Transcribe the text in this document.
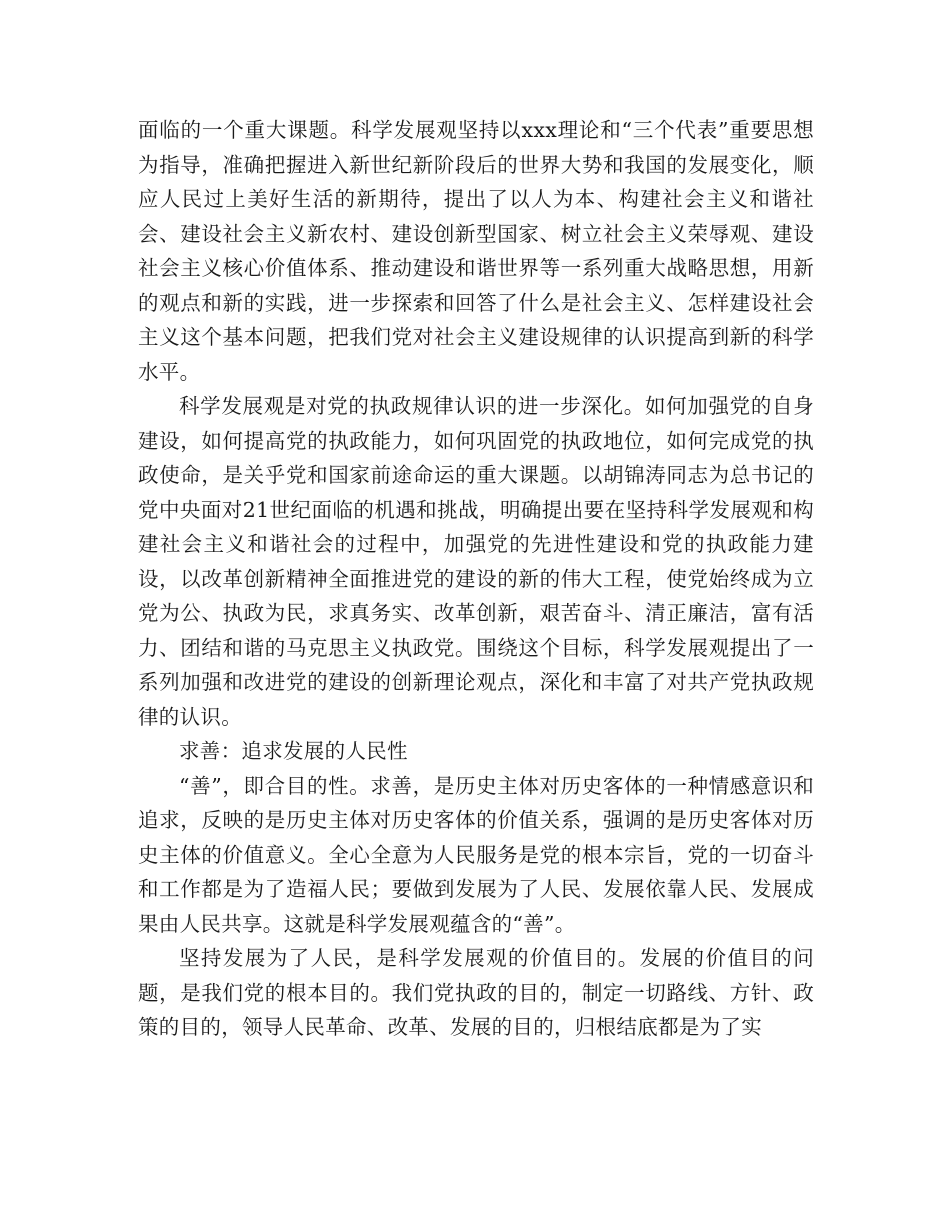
面临的一个重大课题。科学发展观坚持以xxx理论和“三个代表”重要思想为指导，准确把握进入新世纪新阶段后的世界大势和我国的发展变化，顺应人民过上美好生活的新期待，提出了以人为本、构建社会主义和谐社会、建设社会主义新农村、建设创新型国家、树立社会主义荣辱观、建设社会主义核心价值体系、推动建设和谐世界等一系列重大战略思想，用新的观点和新的实践，进一步探索和回答了什么是社会主义、怎样建设社会主义这个基本问题，把我们党对社会主义建设规律的认识提高到新的科学水平。

科学发展观是对党的执政规律认识的进一步深化。如何加强党的自身建设，如何提高党的执政能力，如何巩固党的执政地位，如何完成党的执政使命，是关乎党和国家前途命运的重大课题。以胡锦涛同志为总书记的党中央面对21世纪面临的机遇和挑战，明确提出要在坚持科学发展观和构建社会主义和谐社会的过程中，加强党的先进性建设和党的执政能力建设，以改革创新精神全面推进党的建设的新的伟大工程，使党始终成为立党为公、执政为民，求真务实、改革创新，艰苦奋斗、清正廉洁，富有活力、团结和谐的马克思主义执政党。围绕这个目标，科学发展观提出了一系列加强和改进党的建设的创新理论观点，深化和丰富了对共产党执政规律的认识。

求善：追求发展的人民性

“善”，即合目的性。求善，是历史主体对历史客体的一种情感意识和追求，反映的是历史主体对历史客体的价值关系，强调的是历史客体对历史主体的价值意义。全心全意为人民服务是党的根本宗旨，党的一切奋斗和工作都是为了造福人民；要做到发展为了人民、发展依靠人民、发展成果由人民共享。这就是科学发展观蕴含的“善”。

坚持发展为了人民，是科学发展观的价值目的。发展的价值目的问题，是我们党的根本目的。我们党执政的目的，制定一切路线、方针、政策的目的，领导人民革命、改革、发展的目的，归根结底都是为了实
